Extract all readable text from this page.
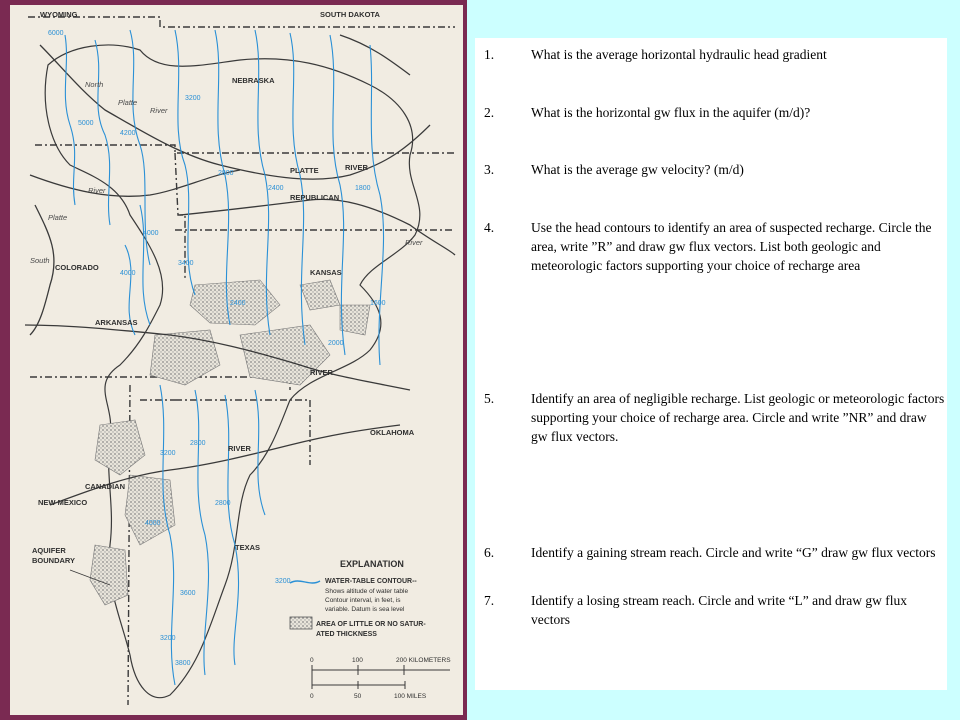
6000
5000
4200
3200
2800
2400	1800
4000
3400
2000
1600
2400
3200
2800
4000
3600
3200
2800
3800
4000
WYOMING	SOUTH DAKOTA
NEBRASKA
COLORADO
KANSAS
OKLAHOMA
NEW MEXICO
TEXAS
North
Platte
River
PLATTE	RIVER
REPUBLICAN
River
South
Platte
ARKANSAS
RIVER
RIVER
CANADIAN
River
AQUIFER
BOUNDARY	EXPLANATION
3200	WATER-TABLE CONTOUR--
Shows altitude of water table
Contour interval, in feet, is
variable. Datum is sea level
AREA OF LITTLE OR NO SATUR-
ATED THICKNESS
0	100	200 KILOMETERS
0	50	100 MILES
1.	What is the average horizontal hydraulic head gradient
2.	What is the horizontal gw flux in the aquifer (m/d)?
3.	What is the average gw velocity? (m/d)
4.	Use the head contours to identify an area of suspected recharge. Circle the area, write ”R” and draw gw flux vectors. List both geologic and meteorologic factors supporting your choice of recharge area
5.	Identify an area of negligible recharge. List geologic or meteorologic factors supporting your choice of recharge area. Circle and write ”NR” and draw gw flux vectors.
6.	Identify a gaining stream reach. Circle and write “G” draw gw flux vectors
7.	Identify a losing stream reach. Circle and write “L” and draw gw flux vectors
